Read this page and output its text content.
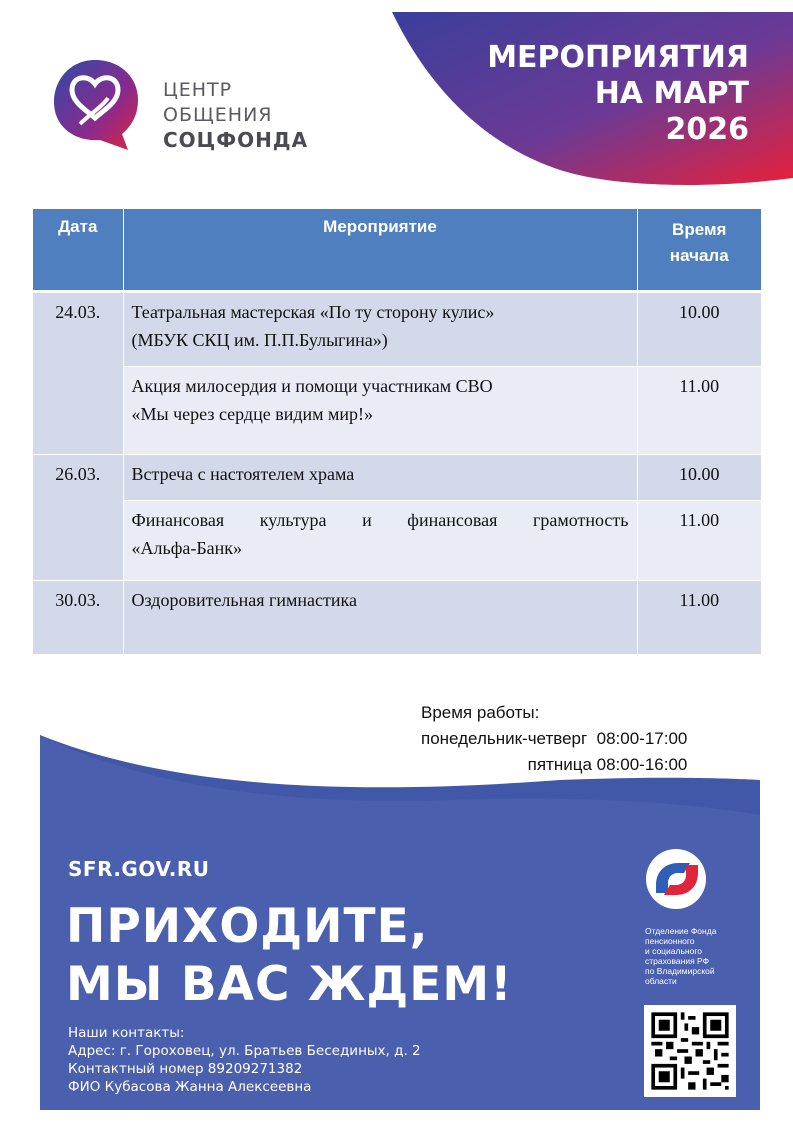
ЦЕНТР
ОБЩЕНИЯ
СОЦФОНДА
МЕРОПРИЯТИЯ
НА МАРТ
2026
Дата	Мероприятие	Время
начала
24.03.	Театральная мастерская «По ту сторону кулис»
(МБУК СКЦ им. П.П.Булыгина»)	10.00
	Акция милосердия и помощи участникам СВО
«Мы через сердце видим мир!»	11.00
26.03.	Встреча с настоятелем храма	10.00
	Финансовая культура и финансовая грамотность
«Альфа-Банк»	11.00
30.03.	Оздоровительная гимнастика	11.00
Время работы:
понедельник-четверг  08:00-17:00
пятница 08:00-16:00
SFR.GOV.RU
ПРИХОДИТЕ,
МЫ ВАС ЖДЕМ!
Наши контакты:
Адрес: г. Гороховец, ул. Братьев Бесединых, д. 2
Контактный номер 89209271382
ФИО Кубасова Жанна Алексеевна
Отделение Фонда
пенсионного
и социального
страхования РФ
по Владимирской
области
